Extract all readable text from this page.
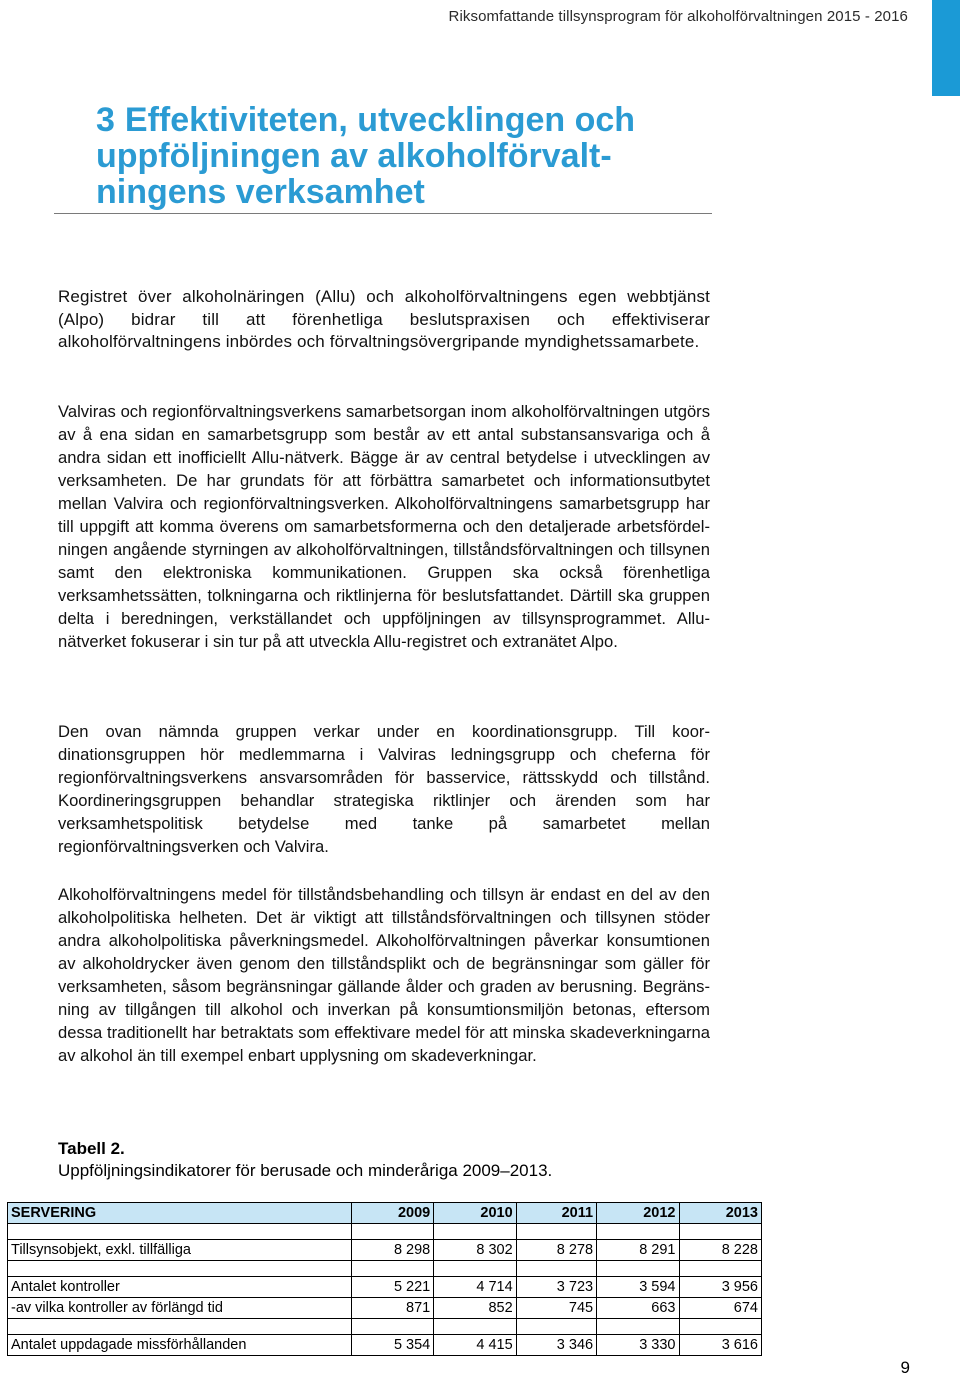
Riksomfattande tillsynsprogram för alkoholförvaltningen 2015 - 2016
3 Effektiviteten, utvecklingen och uppföljningen av alkoholförvaltningens verksamhet

Registret över alkoholnäringen (Allu) och alkoholförvaltningens egen webbtjänst (Alpo) bidrar till att förenhetliga beslutspraxisen och effektiviserar alkoholförvaltningens inbördes och förvaltningsövergripande myndighetssamarbete.

Valviras och regionförvaltningsverkens samarbetsorgan inom alkoholförvaltningen utgörs av å ena sidan en samarbetsgrupp som består av ett antal substansansvariga och å andra sidan ett inofficiellt Allu-nätverk. Bägge är av central betydelse i utvecklingen av verksamheten. De har grundats för att förbättra samarbetet och informationsutbytet mellan Valvira och regionförvaltningsverken. Alkoholförvaltningens samarbetsgrupp har till uppgift att komma överens om samarbetsformerna och den detaljerade arbetsfördelningen angående styrningen av alkoholförvaltningen, tillståndsförvaltningen och tillsynen samt den elektroniska kommunikationen. Gruppen ska också förenhetliga verksamhetssätten, tolkningarna och riktlinjerna för beslutsfattandet. Därtill ska gruppen delta i beredningen, verkställandet och uppföljningen av tillsynsprogrammet. Allu-nätverket fokuserar i sin tur på att utveckla Allu-registret och extranätet Alpo.

Den ovan nämnda gruppen verkar under en koordinationsgrupp. Till koordinationsgruppen hör medlemmarna i Valviras ledningsgrupp och cheferna för regionförvaltningsverkens ansvarsområden för basservice, rättsskydd och tillstånd. Koordineringsgruppen behandlar strategiska riktlinjer och ärenden som har verksamhetspolitisk betydelse med tanke på samarbetet mellan regionförvaltningsverken och Valvira.

Alkoholförvaltningens medel för tillståndsbehandling och tillsyn är endast en del av den alkoholpolitiska helheten. Det är viktigt att tillståndsförvaltningen och tillsynen stöder andra alkoholpolitiska påverkningsmedel. Alkoholförvaltningen påverkar konsumtionen av alkoholdrycker även genom den tillståndsplikt och de begränsningar som gäller för verksamheten, såsom begränsningar gällande ålder och graden av berusning. Begränsning av tillgången till alkohol och inverkan på konsumtionsmiljön betonas, eftersom dessa traditionellt har betraktats som effektivare medel för att minska skadeverkningarna av alkohol än till exempel enbart upplysning om skadeverkningar.

Tabell 2.
Uppföljningsindikatorer för berusade och minderåriga 2009–2013.
SERVERING	2009	2010	2011	2012	2013

Tillsynsobjekt, exkl. tillfälliga	8 298	8 302	8 278	8 291	8 228

Antalet kontroller	5 221	4 714	3 723	3 594	3 956
-av vilka kontroller av förlängd tid	871	852	745	663	674

Antalet uppdagade missförhållanden	5 354	4 415	3 346	3 330	3 616
9
